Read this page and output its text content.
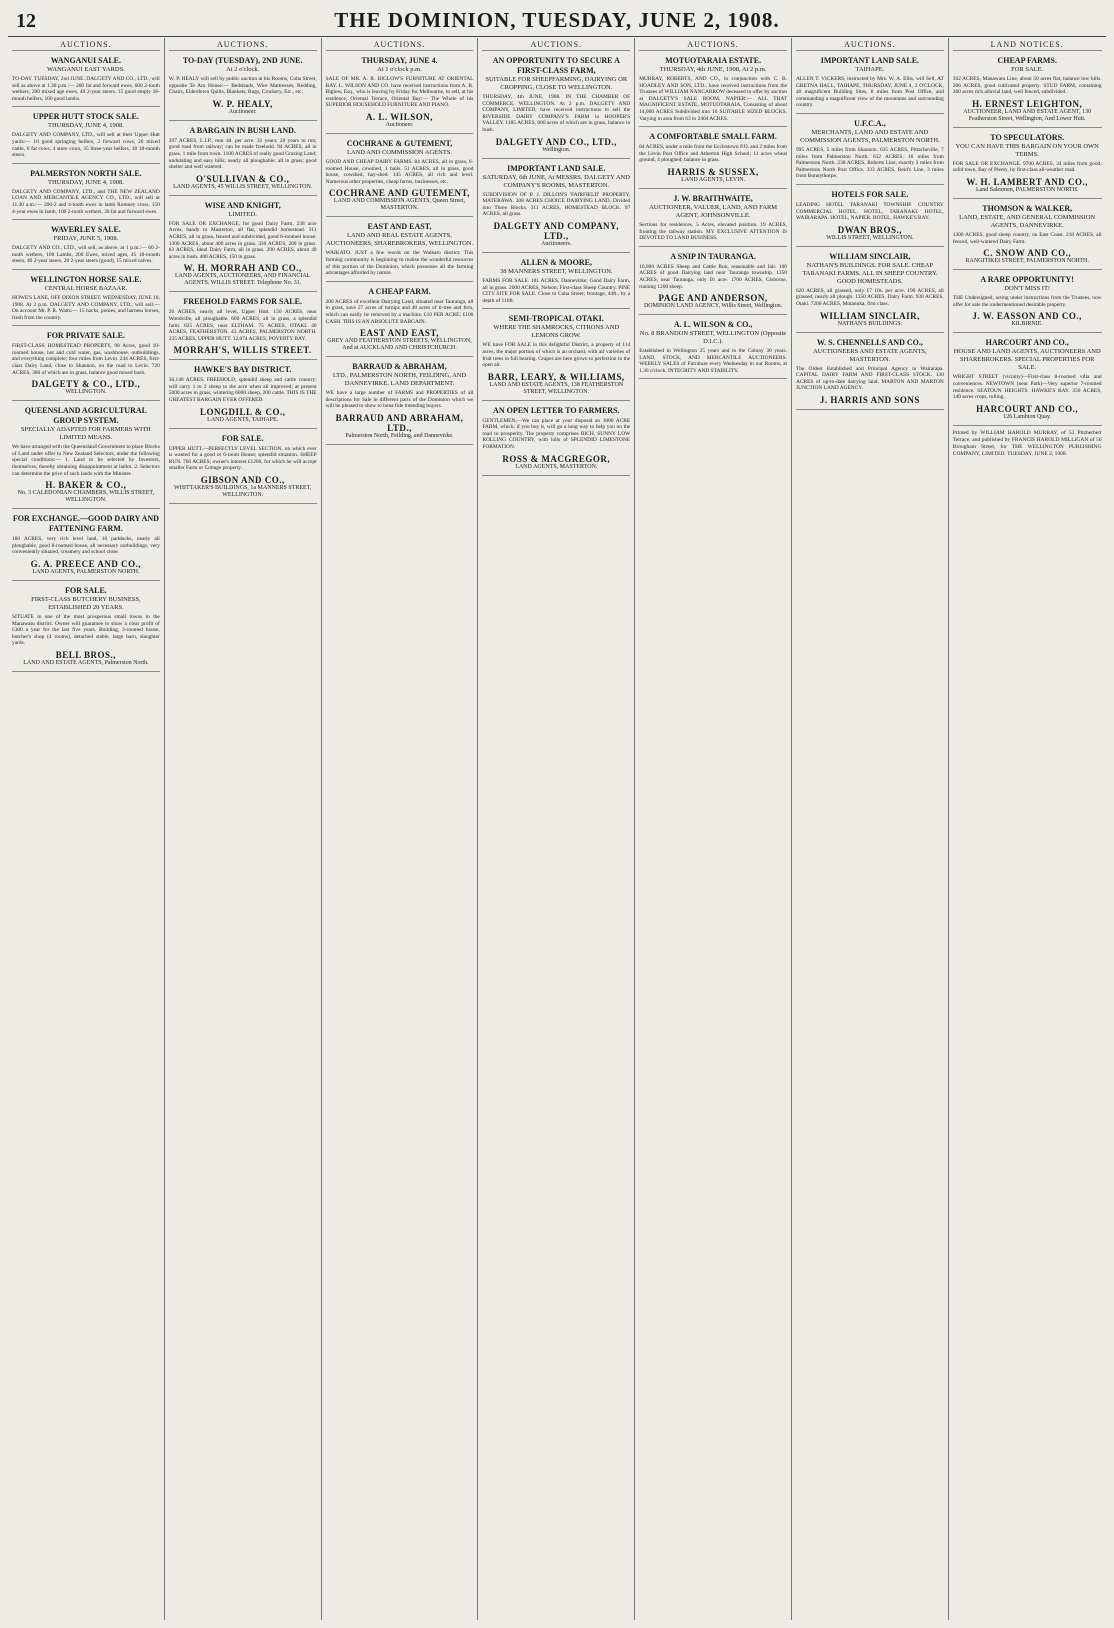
12	THE DOMINION, TUESDAY, JUNE 2, 1908.
AUCTIONS.
WANGANUI SALE.
WANGANUI EAST YARDS.
TO-DAY. TUESDAY, 2nd JUNE. DALGETY AND CO., LTD., will sell as above at 1.30 p.m.:— 200 fat and forward ewes, 600 2-tooth wethers, 200 mixed age ewes, 40 2-year steers, 15 good empty 18-month heifers, 100 good lambs.
UPPER HUTT STOCK SALE.
THURSDAY, JUNE 4, 1908.
DALGETY AND COMPANY, LTD., will sell at their Upper Hutt yards:— 10 good springing heifers, 2 forward cows, 20 mixed cattle, 6 fat cows, 4 store cows, 35 three-year heifers, 18 18-month steers.
PALMERSTON NORTH SALE.
THURSDAY, JUNE 4, 1908.
DALGETY AND COMPANY, LTD., and THE NEW ZEALAND LOAN AND MERCANTILE AGENCY CO., LTD., will sell at 11.30 a.m.:— 200-2 and 4-tooth ewes in lamb Romney cross, 150 4-year ewes in lamb, 100 2-tooth wethers, 30 fat and forward ewes.
WAVERLEY SALE.
FRIDAY, JUNE 5, 1908.
DALGETY AND CO., LTD., will sell, as above, at 1 p.m.:— 60 2-tooth wethers, 100 Lambs, 200 Ewes, mixed ages, 45 18-month steers, 40 2-year steers, 20 2-year steers (good), 15 mixed calves.
WELLINGTON HORSE SALE.
CENTRAL HORSE BAZAAR.
HOWE'S LANE, OFF DIXON STREET. WEDNESDAY, JUNE 10, 1908. At 2 p.m. DALGETY AND COMPANY, LTD., will sell:— On account Mr. P. R. Watts:— 15 hacks, ponies, and harness horses, fresh from the country.
FOR PRIVATE SALE.
FIRST-CLASS HOMESTEAD PROPERTY, 90 Acres, good 10-roomed house, hot and cold water, gas, washhouse, outbuildings, and everything complete; four miles from Levin. 244 ACRES, first-class Dairy Land, close to Shannon, on the road to Levin. 720 ACRES, 300 of which are in grass, balance good mixed bush.
DALGETY & CO., LTD.,
WELLINGTON.
QUEENSLAND AGRICULTURAL GROUP SYSTEM.
SPECIALLY ADAPTED FOR FARMERS WITH LIMITED MEANS.
We have arranged with the Queensland Government to place Blocks of Land under offer to New Zealand Selectors, under the following special conditions:— 1. Land to be selected by Investors, themselves, thereby obtaining disappointment at ballot. 2. Selectors can determine the price of such lands with the Minister.
H. BAKER & CO.,
No. 3 CALEDONIAN CHAMBERS, WILLIS STREET, WELLINGTON.
FOR EXCHANGE.—GOOD DAIRY AND FATTENING FARM.
180 ACRES, very rich level land, 10 paddocks, nearly all ploughable, good 8-roomed house, all necessary outbuildings, very conveniently situated, creamery and school close.
G. A. PREECE AND CO.,
LAND AGENTS, PALMERSTON NORTH.
FOR SALE.
FIRST-CLASS BUTCHERY BUSINESS, ESTABLISHED 20 YEARS.
SITUATE in one of the most prosperous small towns in the Manawatu district. Owner will guarantee to show a clear profit of £300 a year for the last five years. Building, 3-roomed house, butcher's shop (4 rooms), detached stable, large barn, slaughter yards.
BELL BROS.,
LAND AND ESTATE AGENTS, Palmerston North.
AUCTIONS.
TO-DAY (TUESDAY), 2ND JUNE.
At 2 o'clock.
W. P. HEALY will sell by public auction at his Rooms, Cuba Street, opposite Te Aro House:— Bedsteads, Wire Mattresses, Bedding, Chairs, Eiderdown Quilts, Blankets, Rugs, Crockery, Etc., etc.
W. P. HEALY,
Auctioneer.
A BARGAIN IN BUSH LAND.
397 ACRES, L.I.P., rent 4d. per acre. 31 years; 20 years to run; good road from railway; can be made freehold. 94 ACRES, all in grass, 1 mile from town. 1100 ACRES of really good Grazing Land; undulating and easy hills; nearly all ploughable; all in grass; good shelter and well watered.
O'SULLIVAN & CO.,
LAND AGENTS, 45 WILLIS STREET, WELLINGTON.
WISE AND KNIGHT,
LIMITED.
FOR SALE OR EXCHANGE, for good Dairy Farm, 238 acre Acres, handy to Masterton, all flat, splendid homestead. 311 ACRES, all in grass, fenced and subdivided, good 6-roomed house. 1300 ACRES, about 400 acres in grass. 330 ACRES, 200 in grass. 83 ACRES, Ideal Dairy Farm, all in grass. 200 ACRES, about 40 acres in bush. 400 ACRES, 150 in grass.
W. H. MORRAH AND CO.,
LAND AGENTS, AUCTIONEERS, AND FINANCIAL AGENTS. WILLIS STREET. Telephone No. 31.
FREEHOLD FARMS FOR SALE.
26 ACRES, nearly all level, Upper Hutt. 150 ACRES, near Woodville, all ploughable. 600 ACRES, all in grass, a splendid farm. 625 ACRES, near ELTHAM. 75 ACRES, OTAKI. 40 ACRES, FEATHERSTON. 43 ACRES, PALMERSTON NORTH. 235 ACRES, UPPER HUTT. 12,074 ACRES, POVERTY BAY.
MORRAH'S, WILLIS STREET.
HAWKE'S BAY DISTRICT.
36,140 ACRES, FREEHOLD, splendid sheep and cattle country; will carry 1 to 2 sheep to the acre when all improved; at present 5000 acres in grass, wintering 6000 sheep, 200 cattle. THIS IS THE GREATEST BARGAIN EVER OFFERED.
LONGDILL & CO.,
LAND AGENTS, TAIHAPE.
FOR SALE.
UPPER HUTT.—PERFECTLY LEVEL SECTION, on which ever is wanted for a good or 6-room House; splendid situation. SHEEP RUN. 760 ACRES; owner's interest £1200, for which he will accept smaller Farm or Cottage property.
GIBSON AND CO.,
WHITTAKER'S BUILDINGS, 1a MANNERS STREET, WELLINGTON.
AUCTIONS.
THURSDAY, JUNE 4.
At 1 o'clock p.m.
SALE OF MR. A. R. BIGLOW'S FURNITURE AT ORIENTAL BAY. L. WILSON AND CO. have received instructions from A. R. Biglow, Esq., who is leaving by Friday for Melbourne, to sell, at his residence, Oriental Terrace, Oriental Bay:— The Whole of his SUPERIOR HOUSEHOLD FURNITURE AND PIANO.
A. L. WILSON,
Auctioneer.
COCHRANE & GUTEMENT,
LAND AND COMMISSION AGENTS.
GOOD AND CHEAP DAIRY FARMS. 84 ACRES, all in grass, 6-roomed House, cowshed, 1 bails. 51 ACRES, all in grass, good house, cowshed, hay-shed. 145 ACRES, all rich and level. Numerous other properties, cheap farms, businesses, etc.
COCHRANE AND GUTEMENT,
LAND AND COMMISSION AGENTS, Queen Street, MASTERTON.
EAST AND EAST,
LAND AND REAL ESTATE AGENTS, AUCTIONEERS, SHAREBROKERS, WELLINGTON.
WAIKATO. JUST a few words on the Waikato district: This farming community is beginning to realise the wonderful resources of this portion of the Dominion, which possesses all the farming advantages afforded by nature.
A CHEAP FARM.
200 ACRES of excellent Dairying Land, situated near Tauranga, all in grass, save 27 acres of turnips and 40 acres of ti-tree and fern, which can easily be removed by a machine. £10 PER ACRE; £100 CASH. THIS IS AN ABSOLUTE BARGAIN.
EAST AND EAST,
GREY AND FEATHERSTON STREETS, WELLINGTON, And at AUCKLAND AND CHRISTCHURCH.
BARRAUD & ABRAHAM,
LTD., PALMERSTON NORTH, FEILDING, AND DANNEVIRKE. LAND DEPARTMENT.
WE have a large number of FARMS and PROPERTIES of all descriptions for Sale in different parts of the Dominion which we will be pleased to show to bona fide intending buyers.
BARRAUD AND ABRAHAM, LTD.,
Palmerston North, Feilding, and Dannevirke.
AUCTIONS.
AN OPPORTUNITY TO SECURE A FIRST-CLASS FARM,
SUITABLE FOR SHEEPFARMING, DAIRYING OR CROPPING, CLOSE TO WELLINGTON.
THURSDAY, 4th JUNE, 1908. IN THE CHAMBER OF COMMERCE, WELLINGTON. At 2 p.m. DALGETY AND COMPANY, LIMITED, have received instructions to sell the RIVERSIDE DAIRY COMPANY'S FARM in HOOPER'S VALLEY. 1185 ACRES, 600 acres of which are in grass, balance in bush.
DALGETY AND CO., LTD.,
Wellington.
IMPORTANT LAND SALE.
SATURDAY, 6th JUNE, At MESSRS. DALGETY AND COMPANY'S ROOMS, MASTERTON.
SUBDIVISION OF P. J. DILLON'S 'FAIRFIELD' PROPERTY, MATERAWA. 308 ACRES CHOICE DAIRYING LAND, Divided into Three Blocks. 311 ACRES, HOMESTEAD BLOCK. 97 ACRES, all grass.
DALGETY AND COMPANY, LTD.,
Auctioneers.
ALLEN & MOORE,
38 MANNERS STREET, WELLINGTON.
FARMS FOR SALE. 181 ACRES, Dannevirke; Good Dairy Farm, all in grass. 2000 ACRES, Nelson; First-class Sheep Country. PINE CITY SITE FOR SALE. Close to Cuba Street; frontage, 44ft., by a depth of 116ft.
SEMI-TROPICAL OTAKI.
WHERE THE SHAMROCKS, CITRONS AND LEMONS GROW.
WE have FOR SALE in this delightful District, a property of 114 acres, the major portion of which is an orchard, with all varieties of fruit trees in full bearing. Grapes are here grown to perfection in the open air.
BARR, LEARY, & WILLIAMS,
LAND AND ESTATE AGENTS, 138 FEATHERSTON STREET, WELLINGTON.
AN OPEN LETTER TO FARMERS.
GENTLEMEN,—We can place at your disposal an 1800 ACRE FARM, which, if you buy it, will go a long way to help you on the road to prosperity. The property comprises RICH, SUNNY LOW ROLLING COUNTRY, with hills of SPLENDID LIMESTONE FORMATION.
ROSS & MACGREGOR,
LAND AGENTS, MASTERTON.
AUCTIONS.
MOTUOTARAIA ESTATE.
THURSDAY, 4th JUNE, 1908, At 2 p.m.
MURRAY, ROBERTS, AND CO., in conjunction with C. B. HOADLEY AND SON, LTD., have received instructions from the Trustees of WILLIAM NANCARROW deceased to offer by auction at DALGETY'S SALE ROOM, NAPIER:— ALL THAT MAGNIFICENT ESTATE, MOTUOTARAIA, Consisting of about 14,000 ACRES Subdivided into 16 SUITABLE SIZED BLOCKS, Varying in area from 63 to 2404 ACRES.
A COMFORTABLE SMALL FARM.
84 ACRES, under a mile from the Ecclestown P.O. and 2 miles from the Levin Post Office and Atherton High School; 11 acres wheat ground, 4 ploughed; balance in grass.
HARRIS & SUSSEX,
LAND AGENTS, LEVIN.
J. W. BRAITHWAITE,
AUCTIONEER, VALUER, LAND, AND FARM AGENT, JOHNSONVILLE.
Sections for residences. 5 Acres, elevated position. 19 ACRES, fronting the railway station. MY EXCLUSIVE ATTENTION IS DEVOTED TO LAND BUSINESS.
A SNIP IN TAURANGA.
10,000 ACRES Sheep and Cattle Run, reasonable and fair. 100 ACRES of good Dairying land near Tauranga township. 1350 ACRES, near Tauranga, only £6 acre. 1700 ACRES, Gisborne, running 1200 sheep.
PAGE AND ANDERSON,
DOMINION LAND AGENCY, Willis Street, Wellington.
A. L. WILSON & CO.,
No. 8 BRANDON STREET, WELLINGTON (Opposite D.I.C.).
Established in Wellington 25 years and in the Colony 30 years. LAND, STOCK, AND MERCANTILE AUCTIONEERS. WEEKLY SALES of Furniture every Wednesday in our Rooms, at 1.30 o'clock. INTEGRITY AND STABILITY.
AUCTIONS.
IMPORTANT LAND SALE.
TAIHAPE.
ALLEN T. VICKERS, instructed by Mrs. W. A. Ellis, will Sell, AT GRETNA HALL, TAIHAPE, THURSDAY, JUNE 4, 2 O'CLOCK, 40 magnificent Building Sites, 8 miles from Post Office, and commanding a magnificent view of the mountains and surrounding country.
U.F.C.A.,
MERCHANTS, LAND AND ESTATE AND COMMISSION AGENTS, PALMERSTON NORTH.
995 ACRES, 5 miles from Shannon. 635 ACRES, Pittacheville, 7 miles from Palmerston North. 612 ACRES, 16 miles from Palmerston North. 238 ACRES, Roberts Line, exactly 3 miles from Palmerston North Post Office. 333 ACRES, Reid's Line, 3 miles from Bunnythorpe.
HOTELS FOR SALE.
LEADING HOTEL TARANAKI TOWNSHIP. COUNTRY COMMERCIAL HOTEL. HOTEL, TARANAKI. HOTEL, WAIRARAPA. HOTEL, NAPIER. HOTEL, HAWKE'S BAY.
DWAN BROS.,
WILLIS STREET, WELLINGTON.
WILLIAM SINCLAIR,
NATHAN'S BUILDINGS. FOR SALE. CHEAP TARANAKI FARMS. ALL IN SHEEP COUNTRY. GOOD HOMESTEADS.
620 ACRES, all grassed, only £7 10s. per acre. 190 ACRES, all grassed, nearly all plough. 1350 ACRES, Dairy Farm. 930 ACRES, Otaki. 7200 ACRES, Motanuka, first class.
WILLIAM SINCLAIR,
NATHAN'S BUILDINGS.
W. S. CHENNELLS AND CO.,
AUCTIONEERS AND ESTATE AGENTS, MASTERTON.
The Oldest Established and Principal Agency in Wairarapa. CAPITAL DAIRY FARM AND FIRST-CLASS STOCK. 130 ACRES of up-to-date dairying land. MARTON AND MARTON JUNCTION LAND AGENCY.
J. HARRIS AND SONS
LAND NOTICES.
CHEAP FARMS.
FOR SALE.
362 ACRES, Manawatu Line, about 50 acres flat, balance low hills. 206 ACRES, good cultivated property. STUD FARM, containing 360 acres rich alluvial land, well fenced, subdivided.
H. ERNEST LEIGHTON,
AUCTIONEER, LAND AND ESTATE AGENT, 130 Featherston Street, Wellington, And Lower Hutt.
TO SPECULATORS.
YOU CAN HAVE THIS BARGAIN ON YOUR OWN TERMS.
FOR SALE OR EXCHANGE. 9700 ACRES, 34 miles from good, solid town, Bay of Plenty, by first-class all-weather road.
W. H. LAMBERT AND CO.,
Land Salesmen, PALMERSTON NORTH.
THOMSON & WALKER,
LAND, ESTATE, AND GENERAL COMMISSION AGENTS, DANNEVIRKE.
1300 ACRES, good sheep country, on East Coast. 218 ACRES, all fenced, well-watered Dairy Farm.
C. SNOW AND CO.,
RANGITIKEI STREET, PALMERSTON NORTH.
A RARE OPPORTUNITY!
DON'T MISS IT!
THE Undersigned, acting under instructions from the Trustees, now offer for sale the undermentioned desirable property.
J. W. EASSON AND CO.,
KILBIRNIE.
HARCOURT AND CO.,
HOUSE AND LAND AGENTS, AUCTIONEERS AND SHAREBROKERS. SPECIAL PROPERTIES FOR SALE.
WRIGHT STREET (vicinity)—First-class 8-roomed villa and conveniences. NEWTOWN (near Park)—Very superior 7-roomed residence. SEATOUN HEIGHTS. HAWKE'S BAY. 350 ACRES, 140 acres crops, rolling.
HARCOURT AND CO.,
126 Lambton Quay.
Printed by WILLIAM HAROLD MURRAY, of 53 Pitzherbert Terrace, and published by FRANCIS HAROLD MILLIGAN of 56 Brougham Street, for THE WELLINGTON PUBLISHING COMPANY, LIMITED. TUESDAY, JUNE 2, 1908.
